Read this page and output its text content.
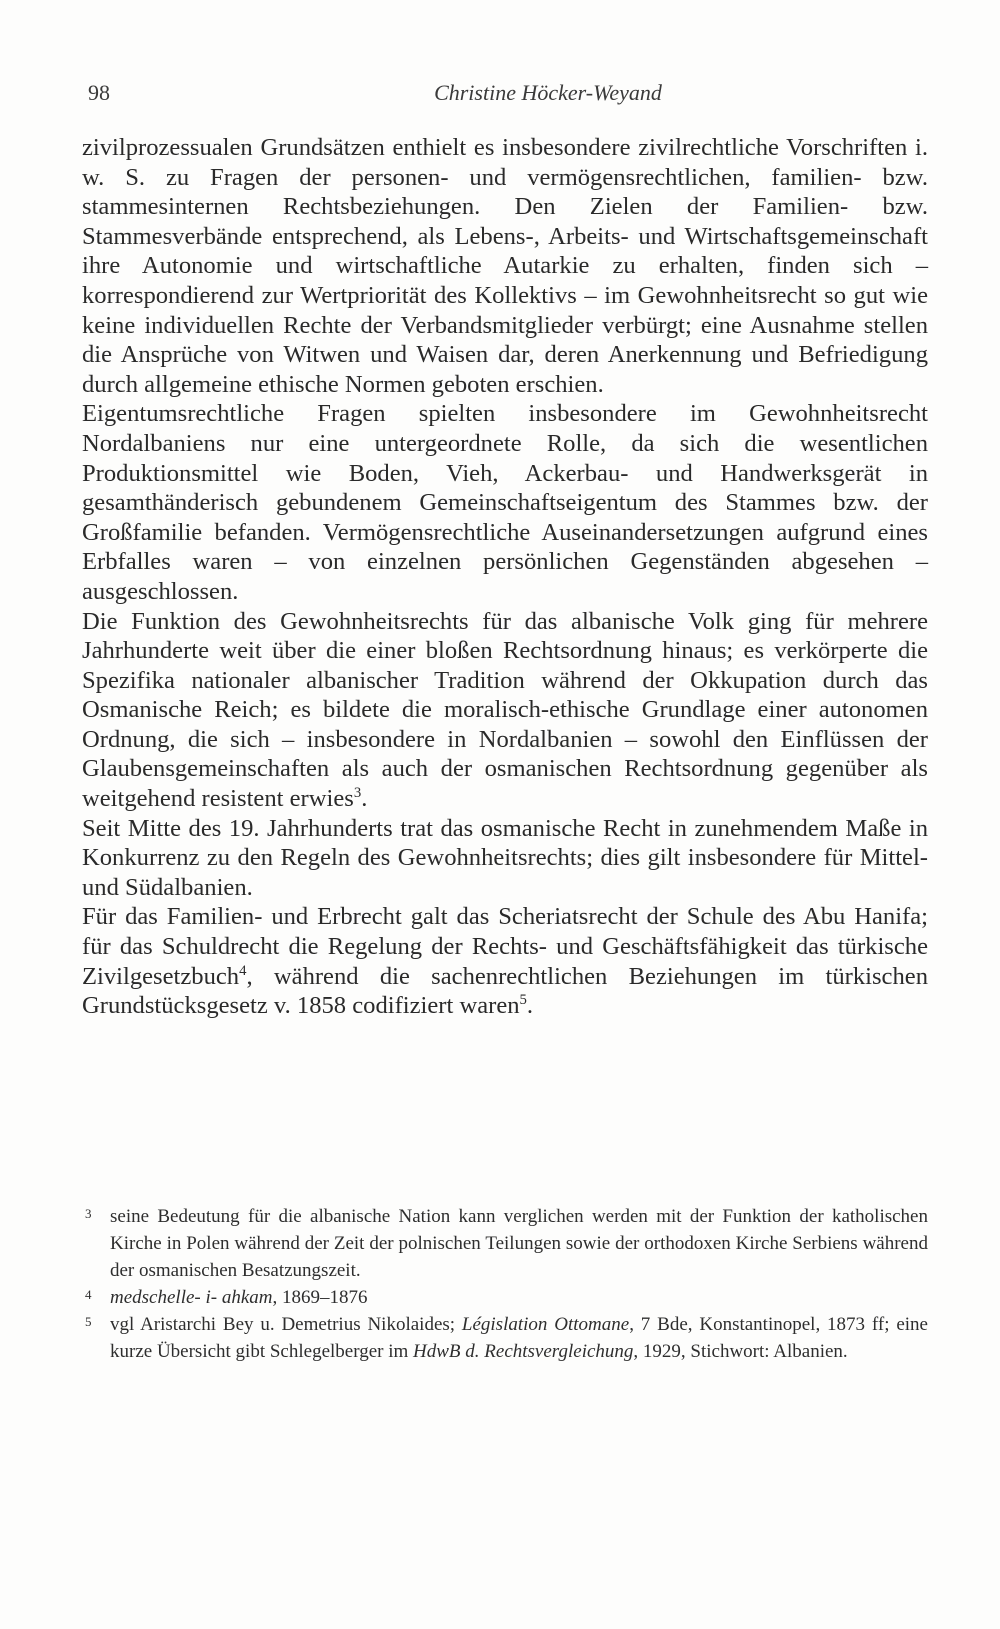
98	Christine Höcker-Weyand

zivilprozessualen Grundsätzen enthielt es insbesondere zivilrechtliche Vorschriften i. w. S. zu Fragen der personen- und vermögensrechtlichen, familien- bzw. stammesinternen Rechtsbeziehungen. Den Zielen der Familien- bzw. Stammesverbände entsprechend, als Lebens-, Arbeits- und Wirtschaftsgemeinschaft ihre Autonomie und wirtschaftliche Autarkie zu erhalten, finden sich – korrespondierend zur Wertpriorität des Kollektivs – im Gewohnheitsrecht so gut wie keine individuellen Rechte der Verbandsmitglieder verbürgt; eine Ausnahme stellen die Ansprüche von Witwen und Waisen dar, deren Anerkennung und Befriedigung durch allgemeine ethische Normen geboten erschien.

Eigentumsrechtliche Fragen spielten insbesondere im Gewohnheitsrecht Nordalbaniens nur eine untergeordnete Rolle, da sich die wesentlichen Produktionsmittel wie Boden, Vieh, Ackerbau- und Handwerksgerät in gesamthänderisch gebundenem Gemeinschaftseigentum des Stammes bzw. der Großfamilie befanden. Vermögensrechtliche Auseinandersetzungen aufgrund eines Erbfalles waren – von einzelnen persönlichen Gegenständen abgesehen – ausgeschlossen.

Die Funktion des Gewohnheitsrechts für das albanische Volk ging für mehrere Jahrhunderte weit über die einer bloßen Rechtsordnung hinaus; es verkörperte die Spezifika nationaler albanischer Tradition während der Okkupation durch das Osmanische Reich; es bildete die moralisch-ethische Grundlage einer autonomen Ordnung, die sich – insbesondere in Nordalbanien – sowohl den Einflüssen der Glaubensgemeinschaften als auch der osmanischen Rechtsordnung gegenüber als weitgehend resistent erwies$^3$.

Seit Mitte des 19. Jahrhunderts trat das osmanische Recht in zunehmendem Maße in Konkurrenz zu den Regeln des Gewohnheitsrechts; dies gilt insbesondere für Mittel- und Südalbanien.

Für das Familien- und Erbrecht galt das Scheriatsrecht der Schule des Abu Hanifa; für das Schuldrecht die Regelung der Rechts- und Geschäftsfähigkeit das türkische Zivilgesetzbuch$^4$, während die sachenrechtlichen Beziehungen im türkischen Grundstücksgesetz v. 1858 codifiziert waren$^5$.

3 seine Bedeutung für die albanische Nation kann verglichen werden mit der Funktion der katholischen Kirche in Polen während der Zeit der polnischen Teilungen sowie der orthodoxen Kirche Serbiens während der osmanischen Besatzungszeit.

4 medschelle- i- ahkam, 1869–1876

5 vgl Aristarchi Bey u. Demetrius Nikolaides; Législation Ottomane, 7 Bde, Konstantinopel, 1873 ff; eine kurze Übersicht gibt Schlegelberger im HdwB d. Rechtsvergleichung, 1929, Stichwort: Albanien.
